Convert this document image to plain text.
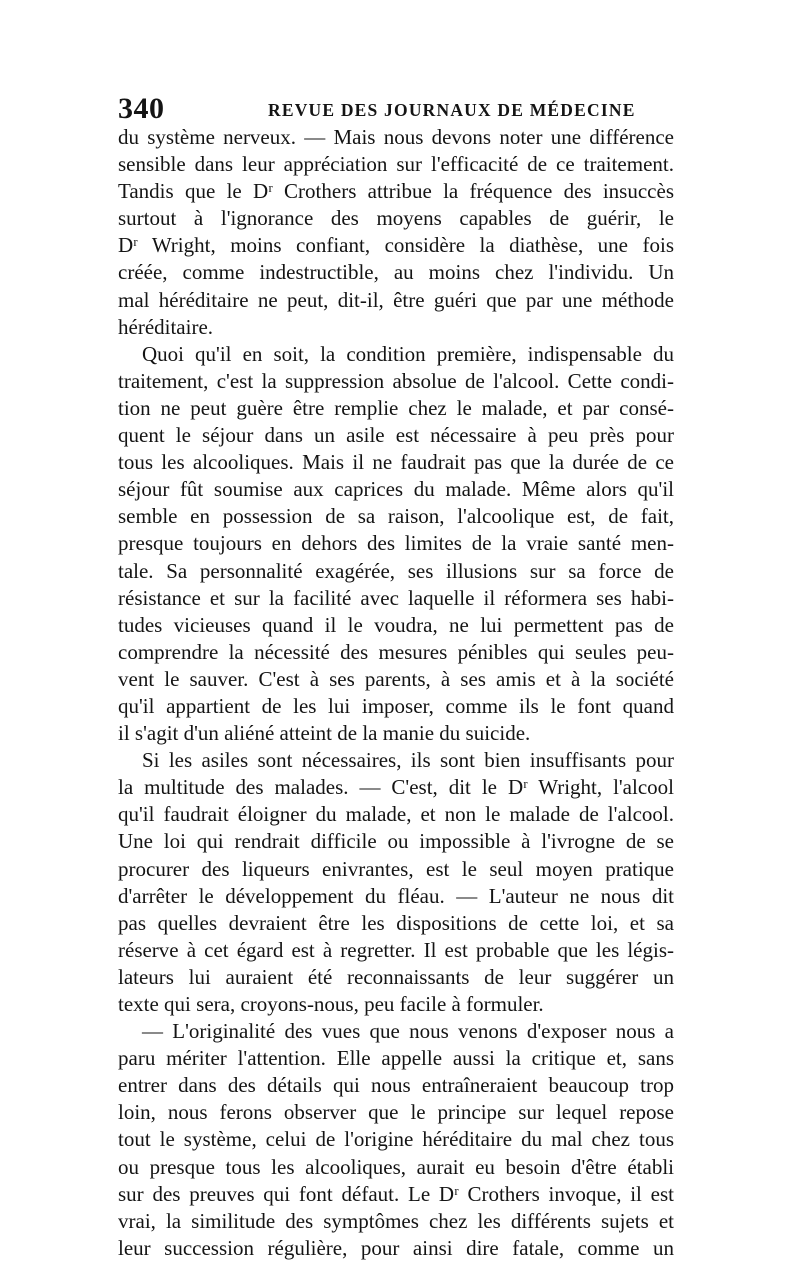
340	REVUE DES JOURNAUX DE MÉDECINE
du système nerveux. — Mais nous devons noter une différence
sensible dans leur appréciation sur l'efficacité de ce traitement.
Tandis que le Dʳ Crothers attribue la fréquence des insuccès
surtout à l'ignorance des moyens capables de guérir, le
Dʳ Wright, moins confiant, considère la diathèse, une fois
créée, comme indestructible, au moins chez l'individu. Un
mal héréditaire ne peut, dit-il, être guéri que par une méthode
héréditaire.
Quoi qu'il en soit, la condition première, indispensable du
traitement, c'est la suppression absolue de l'alcool. Cette condi-
tion ne peut guère être remplie chez le malade, et par consé-
quent le séjour dans un asile est nécessaire à peu près pour
tous les alcooliques. Mais il ne faudrait pas que la durée de ce
séjour fût soumise aux caprices du malade. Même alors qu'il
semble en possession de sa raison, l'alcoolique est, de fait,
presque toujours en dehors des limites de la vraie santé men-
tale. Sa personnalité exagérée, ses illusions sur sa force de
résistance et sur la facilité avec laquelle il réformera ses habi-
tudes vicieuses quand il le voudra, ne lui permettent pas de
comprendre la nécessité des mesures pénibles qui seules peu-
vent le sauver. C'est à ses parents, à ses amis et à la société
qu'il appartient de les lui imposer, comme ils le font quand
il s'agit d'un aliéné atteint de la manie du suicide.
Si les asiles sont nécessaires, ils sont bien insuffisants pour
la multitude des malades. — C'est, dit le Dʳ Wright, l'alcool
qu'il faudrait éloigner du malade, et non le malade de l'alcool.
Une loi qui rendrait difficile ou impossible à l'ivrogne de se
procurer des liqueurs enivrantes, est le seul moyen pratique
d'arrêter le développement du fléau. — L'auteur ne nous dit
pas quelles devraient être les dispositions de cette loi, et sa
réserve à cet égard est à regretter. Il est probable que les légis-
lateurs lui auraient été reconnaissants de leur suggérer un
texte qui sera, croyons-nous, peu facile à formuler.
— L'originalité des vues que nous venons d'exposer nous a
paru mériter l'attention. Elle appelle aussi la critique et, sans
entrer dans des détails qui nous entraîneraient beaucoup trop
loin, nous ferons observer que le principe sur lequel repose
tout le système, celui de l'origine héréditaire du mal chez tous
ou presque tous les alcooliques, aurait eu besoin d'être établi
sur des preuves qui font défaut. Le Dʳ Crothers invoque, il est
vrai, la similitude des symptômes chez les différents sujets et
leur succession régulière, pour ainsi dire fatale, comme un
